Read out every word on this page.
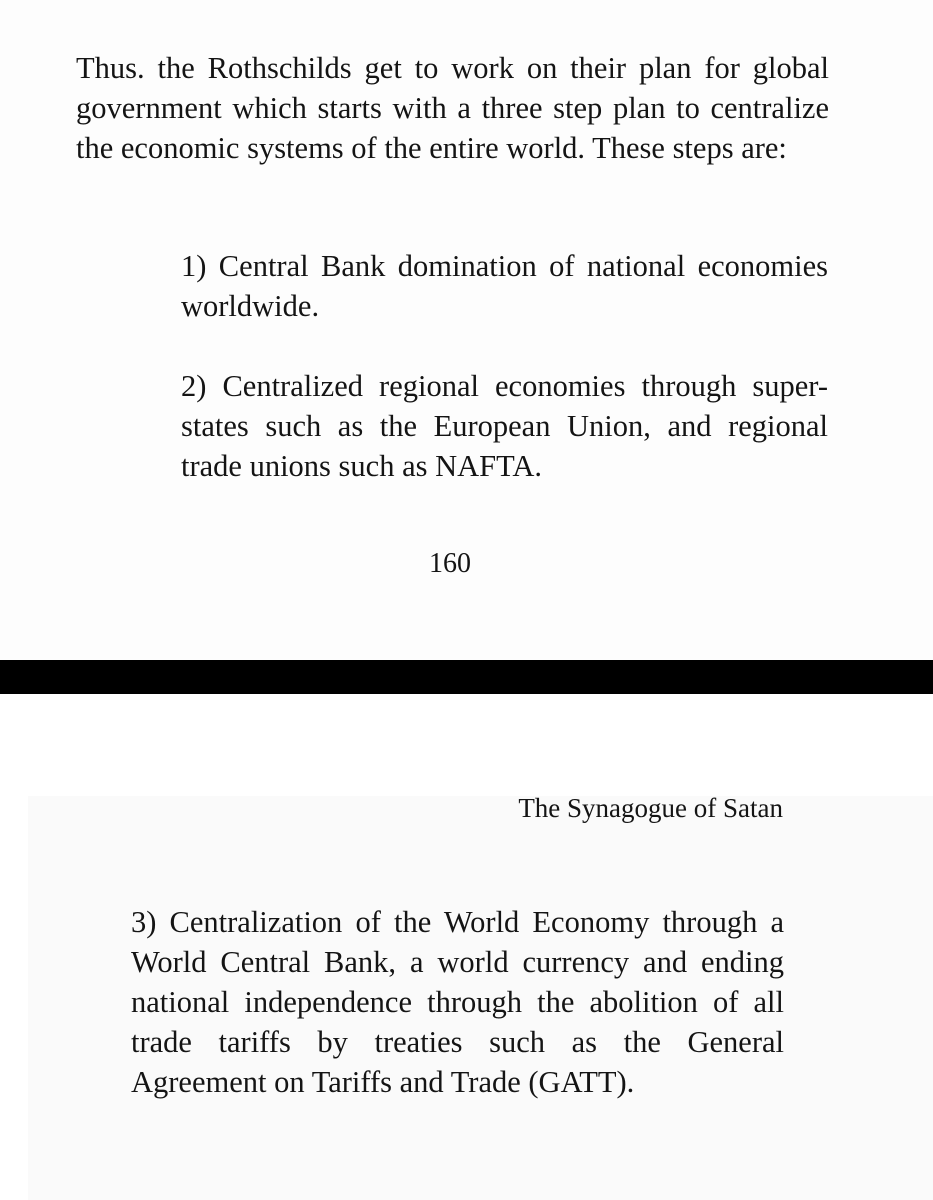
Thus. the Rothschilds get to work on their plan for global government which starts with a three step plan to centralize the economic systems of the entire world. These steps are:

1) Central Bank domination of national economies worldwide.

2) Centralized regional economies through super-states such as the European Union, and regional trade unions such as NAFTA.

160

The Synagogue of Satan

3) Centralization of the World Economy through a World Central Bank, a world currency and ending national independence through the abolition of all trade tariffs by treaties such as the General Agreement on Tariffs and Trade (GATT).
